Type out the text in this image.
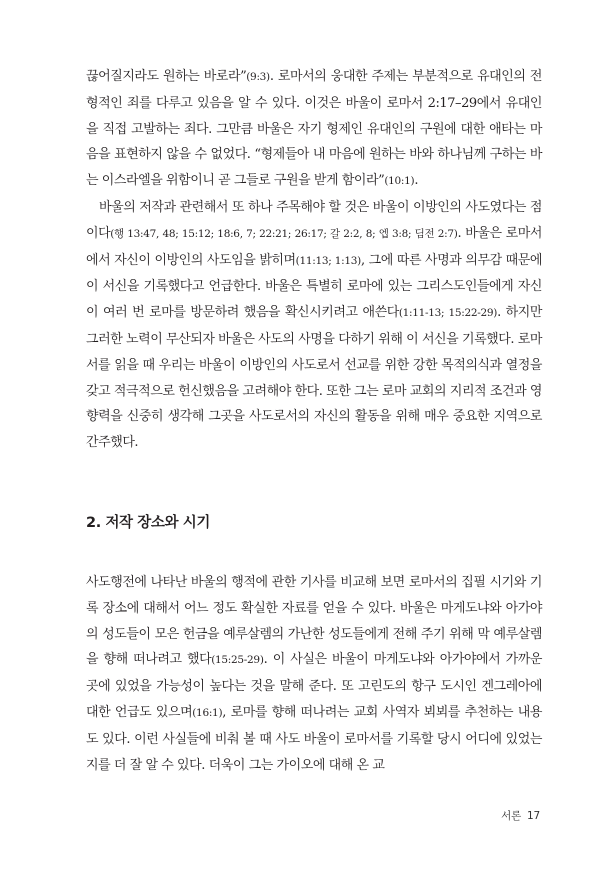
끊어질지라도 원하는 바로라”(9:3). 로마서의 웅대한 주제는 부분적으로 유대인의 전형적인 죄를 다루고 있음을 알 수 있다. 이것은 바울이 로마서 2:17–29에서 유대인을 직접 고발하는 죄다. 그만큼 바울은 자기 형제인 유대인의 구원에 대한 애타는 마음을 표현하지 않을 수 없었다. “형제들아 내 마음에 원하는 바와 하나님께 구하는 바는 이스라엘을 위함이니 곧 그들로 구원을 받게 함이라”(10:1).

바울의 저작과 관련해서 또 하나 주목해야 할 것은 바울이 이방인의 사도였다는 점이다(행 13:47, 48; 15:12; 18:6, 7; 22:21; 26:17; 갈 2:2, 8; 엡 3:8; 딤전 2:7). 바울은 로마서에서 자신이 이방인의 사도임을 밝히며(11:13; 1:13), 그에 따른 사명과 의무감 때문에 이 서신을 기록했다고 언급한다. 바울은 특별히 로마에 있는 그리스도인들에게 자신이 여러 번 로마를 방문하려 했음을 확신시키려고 애쓴다(1:11-13; 15:22-29). 하지만 그러한 노력이 무산되자 바울은 사도의 사명을 다하기 위해 이 서신을 기록했다. 로마서를 읽을 때 우리는 바울이 이방인의 사도로서 선교를 위한 강한 목적의식과 열정을 갖고 적극적으로 헌신했음을 고려해야 한다. 또한 그는 로마 교회의 지리적 조건과 영향력을 신중히 생각해 그곳을 사도로서의 자신의 활동을 위해 매우 중요한 지역으로 간주했다.

2. 저작 장소와 시기

사도행전에 나타난 바울의 행적에 관한 기사를 비교해 보면 로마서의 집필 시기와 기록 장소에 대해서 어느 정도 확실한 자료를 얻을 수 있다. 바울은 마게도냐와 아가야의 성도들이 모은 헌금을 예루살렘의 가난한 성도들에게 전해 주기 위해 막 예루살렘을 향해 떠나려고 했다(15:25-29). 이 사실은 바울이 마게도냐와 아가야에서 가까운 곳에 있었을 가능성이 높다는 것을 말해 준다. 또 고린도의 항구 도시인 겐그레아에 대한 언급도 있으며(16:1), 로마를 향해 떠나려는 교회 사역자 뵈뵈를 추천하는 내용도 있다. 이런 사실들에 비춰 볼 때 사도 바울이 로마서를 기록할 당시 어디에 있었는지를 더 잘 알 수 있다. 더욱이 그는 가이오에 대해 온 교

서론 17
